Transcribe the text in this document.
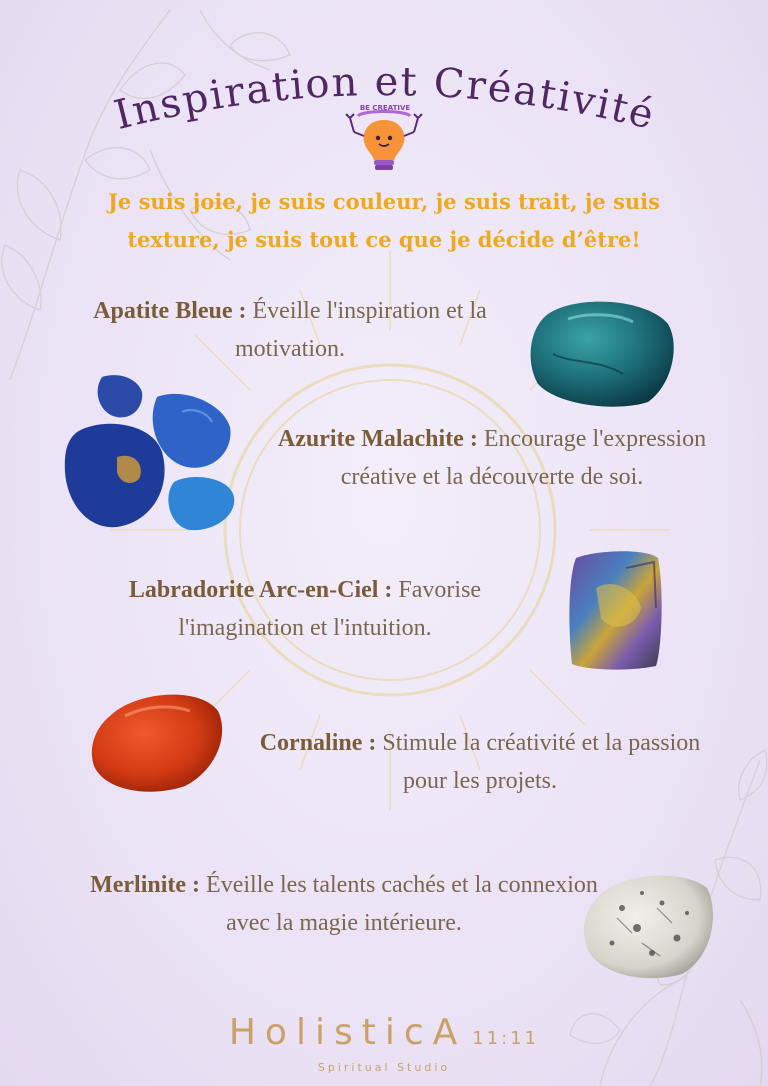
Inspiration et Créativité
BE CREATIVE
Je suis joie, je suis couleur, je suis trait, je suis texture, je suis tout ce que je décide d’être!
Apatite Bleue : Éveille l'inspiration et la motivation.
Azurite Malachite : Encourage l'expression créative et la découverte de soi.
Labradorite Arc-en-Ciel : Favorise l'imagination et l'intuition.
Cornaline : Stimule la créativité et la passion pour les projets.
Merlinite : Éveille les talents cachés et la connexion avec la magie intérieure.
HolisticA 11:11
Spiritual Studio
